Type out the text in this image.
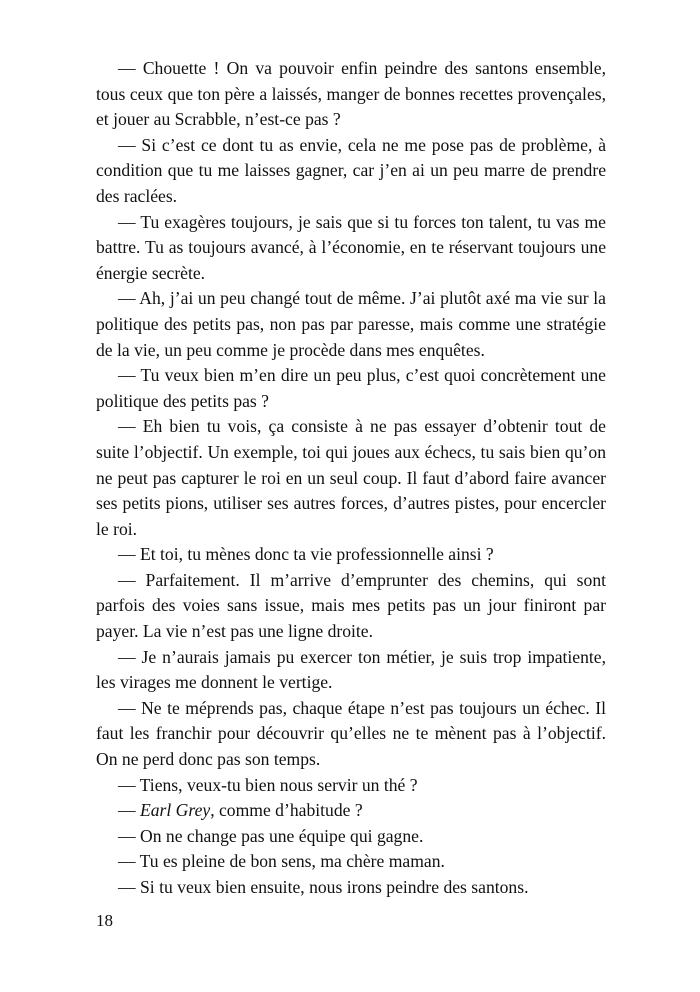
— Chouette ! On va pouvoir enfin peindre des santons ensemble, tous ceux que ton père a laissés, manger de bonnes recettes provençales, et jouer au Scrabble, n’est-ce pas ?

— Si c’est ce dont tu as envie, cela ne me pose pas de problème, à condition que tu me laisses gagner, car j’en ai un peu marre de prendre des raclées.

— Tu exagères toujours, je sais que si tu forces ton talent, tu vas me battre. Tu as toujours avancé, à l’économie, en te réservant toujours une énergie secrète.

— Ah, j’ai un peu changé tout de même. J’ai plutôt axé ma vie sur la politique des petits pas, non pas par paresse, mais comme une stratégie de la vie, un peu comme je procède dans mes enquêtes.

— Tu veux bien m’en dire un peu plus, c’est quoi concrètement une politique des petits pas ?

— Eh bien tu vois, ça consiste à ne pas essayer d’obtenir tout de suite l’objectif. Un exemple, toi qui joues aux échecs, tu sais bien qu’on ne peut pas capturer le roi en un seul coup. Il faut d’abord faire avancer ses petits pions, utiliser ses autres forces, d’autres pistes, pour encercler le roi.

— Et toi, tu mènes donc ta vie professionnelle ainsi ?

— Parfaitement. Il m’arrive d’emprunter des chemins, qui sont parfois des voies sans issue, mais mes petits pas un jour finiront par payer. La vie n’est pas une ligne droite.

— Je n’aurais jamais pu exercer ton métier, je suis trop impatiente, les virages me donnent le vertige.

— Ne te méprends pas, chaque étape n’est pas toujours un échec. Il faut les franchir pour découvrir qu’elles ne te mènent pas à l’objectif. On ne perd donc pas son temps.

— Tiens, veux-tu bien nous servir un thé ?

— Earl Grey, comme d’habitude ?

— On ne change pas une équipe qui gagne.

— Tu es pleine de bon sens, ma chère maman.

— Si tu veux bien ensuite, nous irons peindre des santons.

18
